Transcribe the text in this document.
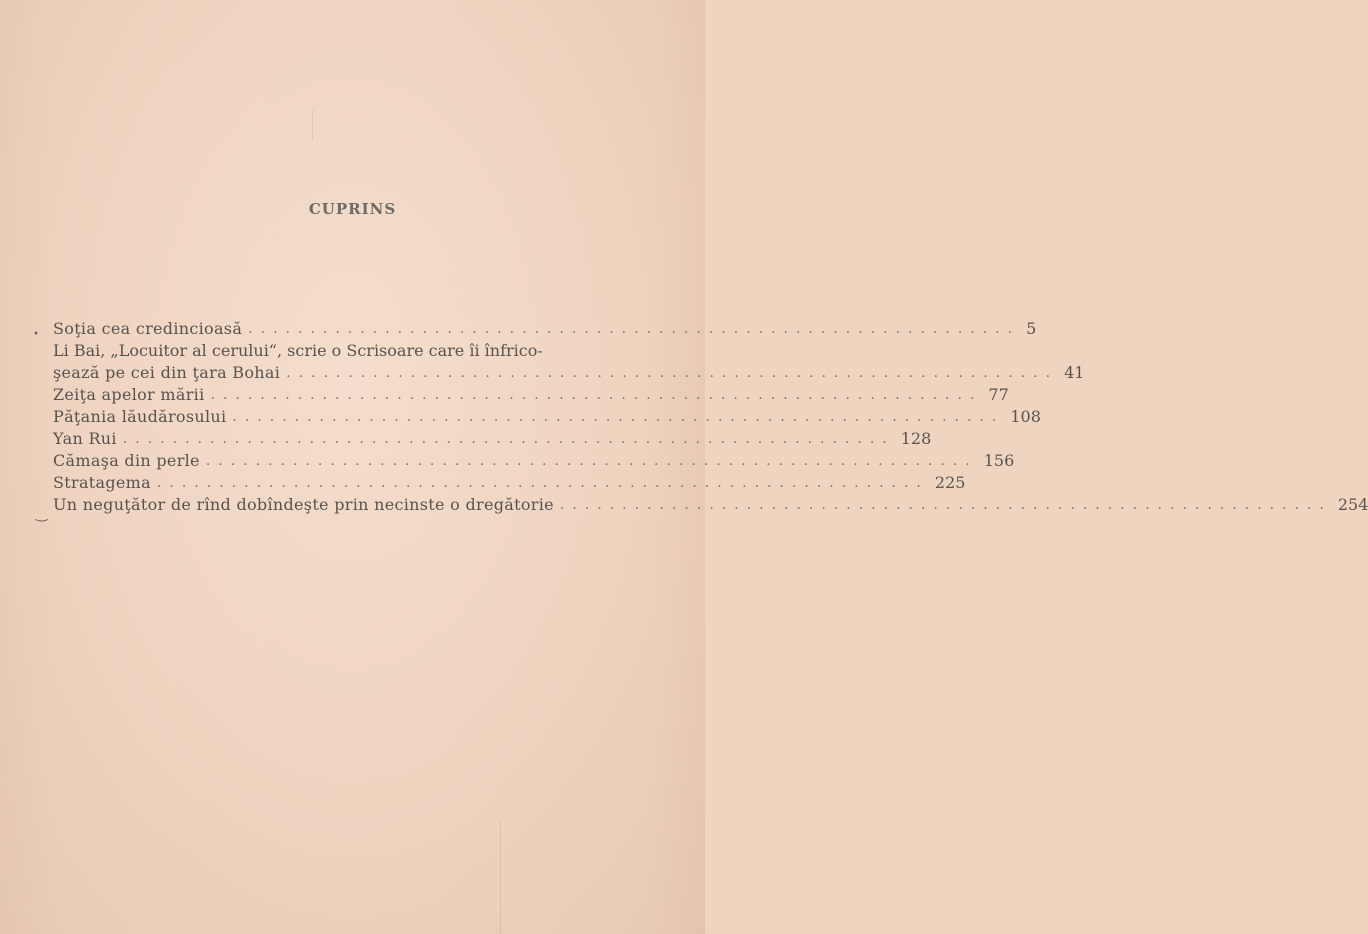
CUPRINS
•
‿
Soţia cea credincioasă .............................................................. 5
Li Bai, „Locuitor al cerului“, scrie o Scrisoare care îi înfrico-
şează pe cei din ţara Bohai .............................................................. 41
Zeiţa apelor mării .............................................................. 77
Păţania lăudărosului .............................................................. 108
Yan Rui .............................................................. 128
Cămaşa din perle .............................................................. 156
Stratagema .............................................................. 225
Un neguţător de rînd dobîndeşte prin necinste o dregătorie .............................................................. 254
